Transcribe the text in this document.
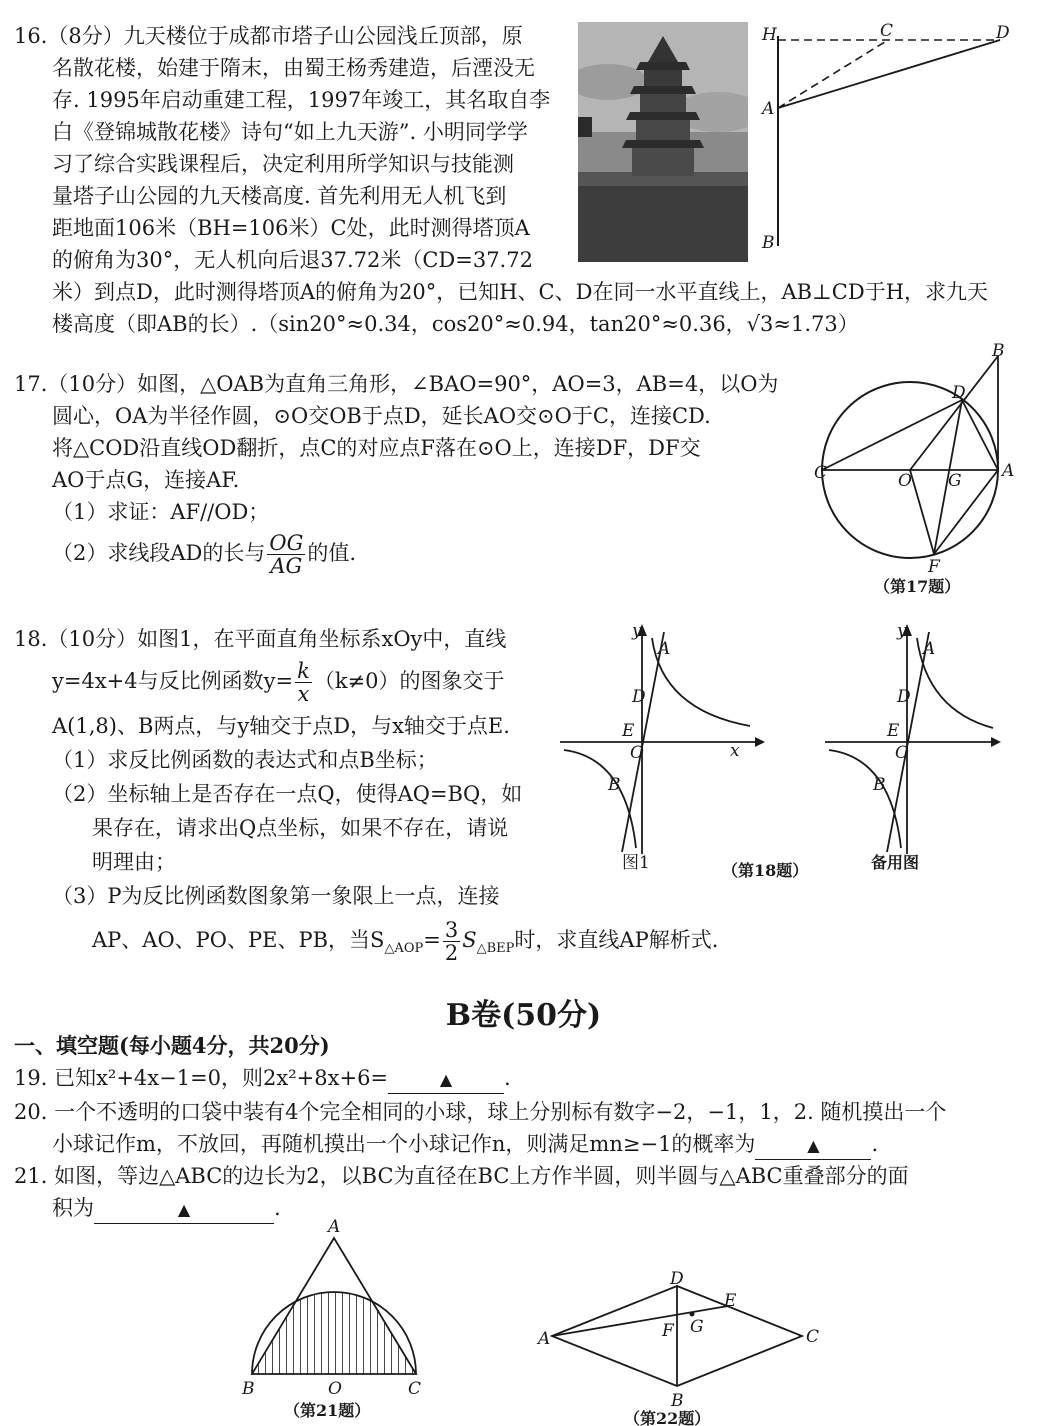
16.（8分）九天楼位于成都市塔子山公园浅丘顶部，原
名散花楼，始建于隋末，由蜀王杨秀建造，后湮没无
存. 1995年启动重建工程，1997年竣工，其名取自李
白《登锦城散花楼》诗句“如上九天游”. 小明同学学
习了综合实践课程后，决定利用所学知识与技能测
量塔子山公园的九天楼高度. 首先利用无人机飞到
距地面106米（BH=106米）C处，此时测得塔顶A
的俯角为30°，无人机向后退37.72米（CD=37.72
米）到点D，此时测得塔顶A的俯角为20°，已知H、C、D在同一水平直线上，AB⊥CD于H，求九天
楼高度（即AB的长）.（sin20°≈0.34，cos20°≈0.94，tan20°≈0.36，√3≈1.73）
H	C	D
A
B
17.（10分）如图，△OAB为直角三角形，∠BAO=90°，AO=3，AB=4，以O为
圆心，OA为半径作圆，⊙O交OB于点D，延长AO交⊙O于C，连接CD.
将△COD沿直线OD翻折，点C的对应点F落在⊙O上，连接DF，DF交
AO于点G，连接AF.
（1）求证：AF//OD；
（2）求线段AD的长与 $\frac{OG}{AG}$ 的值.
B
D
C	O G A
F
（第17题）
18.（10分）如图1，在平面直角坐标系xOy中，直线
y=4x+4与反比例函数$y= \frac{k}{x} (k\ne 0)$的图象交于
A(1,8)、B两点，与y轴交于点D，与x轴交于点E.
（1）求反比例函数的表达式和点B坐标；
（2）坐标轴上是否存在一点Q，使得AQ=BQ，如
果存在，请求出Q点坐标，如果不存在，请说
明理由；
（3）P为反比例函数图象第一象限上一点，连接
AP、AO、PO、PE、PB，当$S_{\triangle AOP}= \frac{3}{2} S_{\triangle BEP}$时，求直线AP解析式.
y
x
A
D
E
O
B
图1	（第18题）
y
A
D
E
O
B
备用图
B卷(50分)
一、填空题(每小题4分，共20分)
19. 已知x²+4x−1=0，则2x²+8x+6=	▲ .
20. 一个不透明的口袋中装有4个完全相同的小球，球上分别标有数字−2，−1，1，2. 随机摸出一个
小球记作m，不放回，再随机摸出一个小球记作n，则满足mn≥−1的概率为	▲ .
21. 如图，等边△ABC的边长为2，以BC为直径在BC上方作半圆，则半圆与△ABC重叠部分的面
积为	▲	.
A
B	O	C
（第21题）
D
E
A	F G	C
B
（第22题）
